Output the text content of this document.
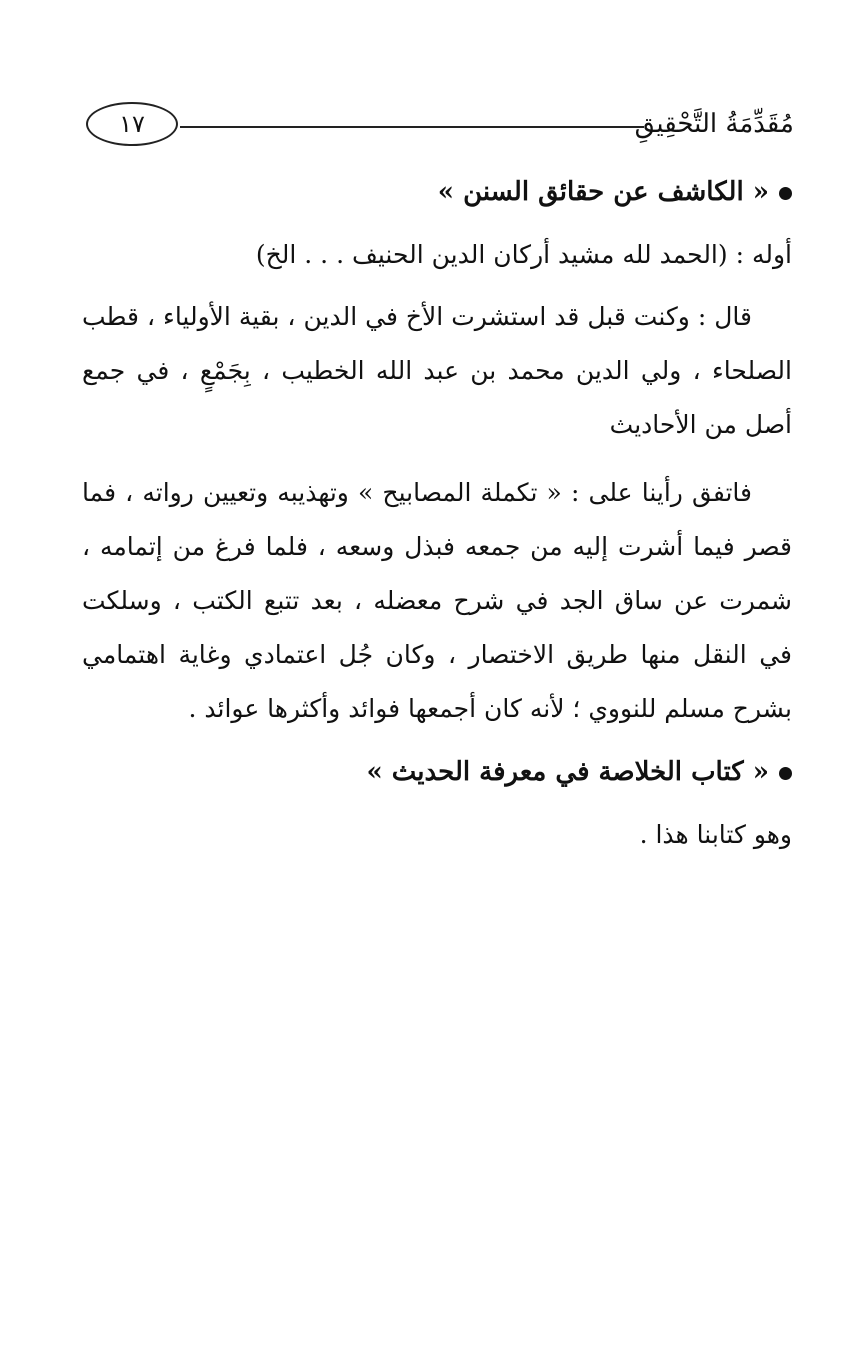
مُقَدِّمَةُ التَّحْقِيقِ
١٧
« الكاشف عن حقائق السنن »

أوله : (الحمد لله مشيد أركان الدين الحنيف . . . الخ)

قال : وكنت قبل قد استشرت الأخ في الدين ، بقية الأولياء ، قطب الصلحاء ، ولي الدين محمد بن عبد الله الخطيب ، بِجَمْعٍ ، في جمع أصل من الأحاديث

فاتفق رأينا على : « تكملة المصابيح » وتهذيبه وتعيين رواته ، فما قصر فيما أشرت إليه من جمعه فبذل وسعه ، فلما فرغ من إتمامه ، شمرت عن ساق الجد في شرح معضله ، بعد تتبع الكتب ، وسلكت في النقل منها طريق الاختصار ، وكان جُل اعتمادي وغاية اهتمامي بشرح مسلم للنووي ؛ لأنه كان أجمعها فوائد وأكثرها عوائد .

« كتاب الخلاصة في معرفة الحديث »

وهو كتابنا هذا .
